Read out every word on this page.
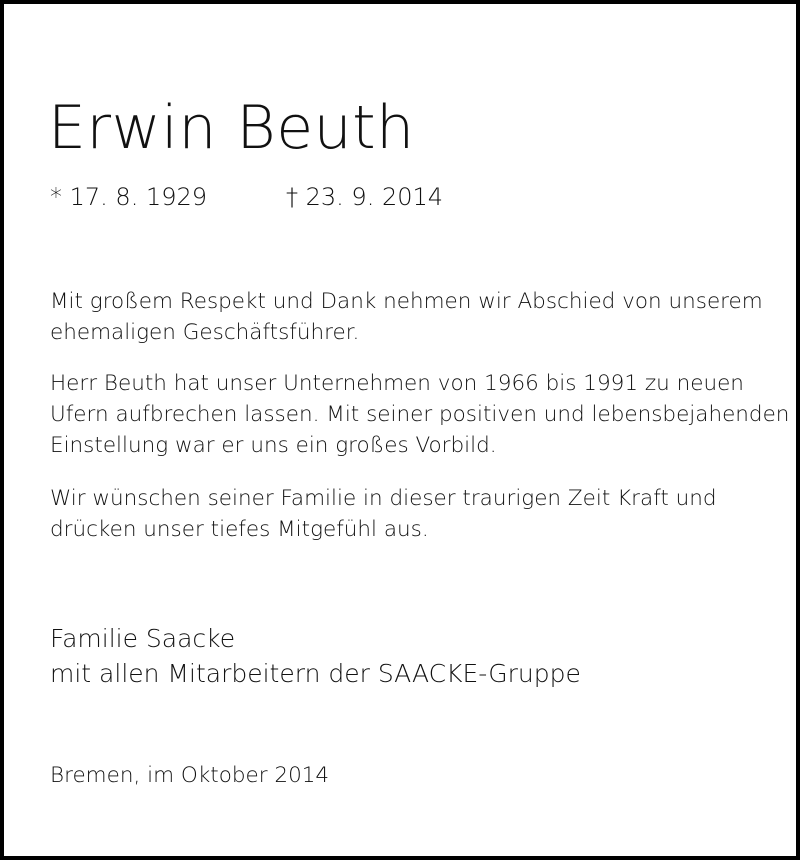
Erwin Beuth
* 17. 8. 1929	† 23. 9. 2014

Mit großem Respekt und Dank nehmen wir Abschied von unserem
ehemaligen Geschäftsführer.

Herr Beuth hat unser Unternehmen von 1966 bis 1991 zu neuen
Ufern aufbrechen lassen. Mit seiner positiven und lebensbejahenden
Einstellung war er uns ein großes Vorbild.

Wir wünschen seiner Familie in dieser traurigen Zeit Kraft und
drücken unser tiefes Mitgefühl aus.

Familie Saacke
mit allen Mitarbeitern der SAACKE-Gruppe
Bremen, im Oktober 2014
